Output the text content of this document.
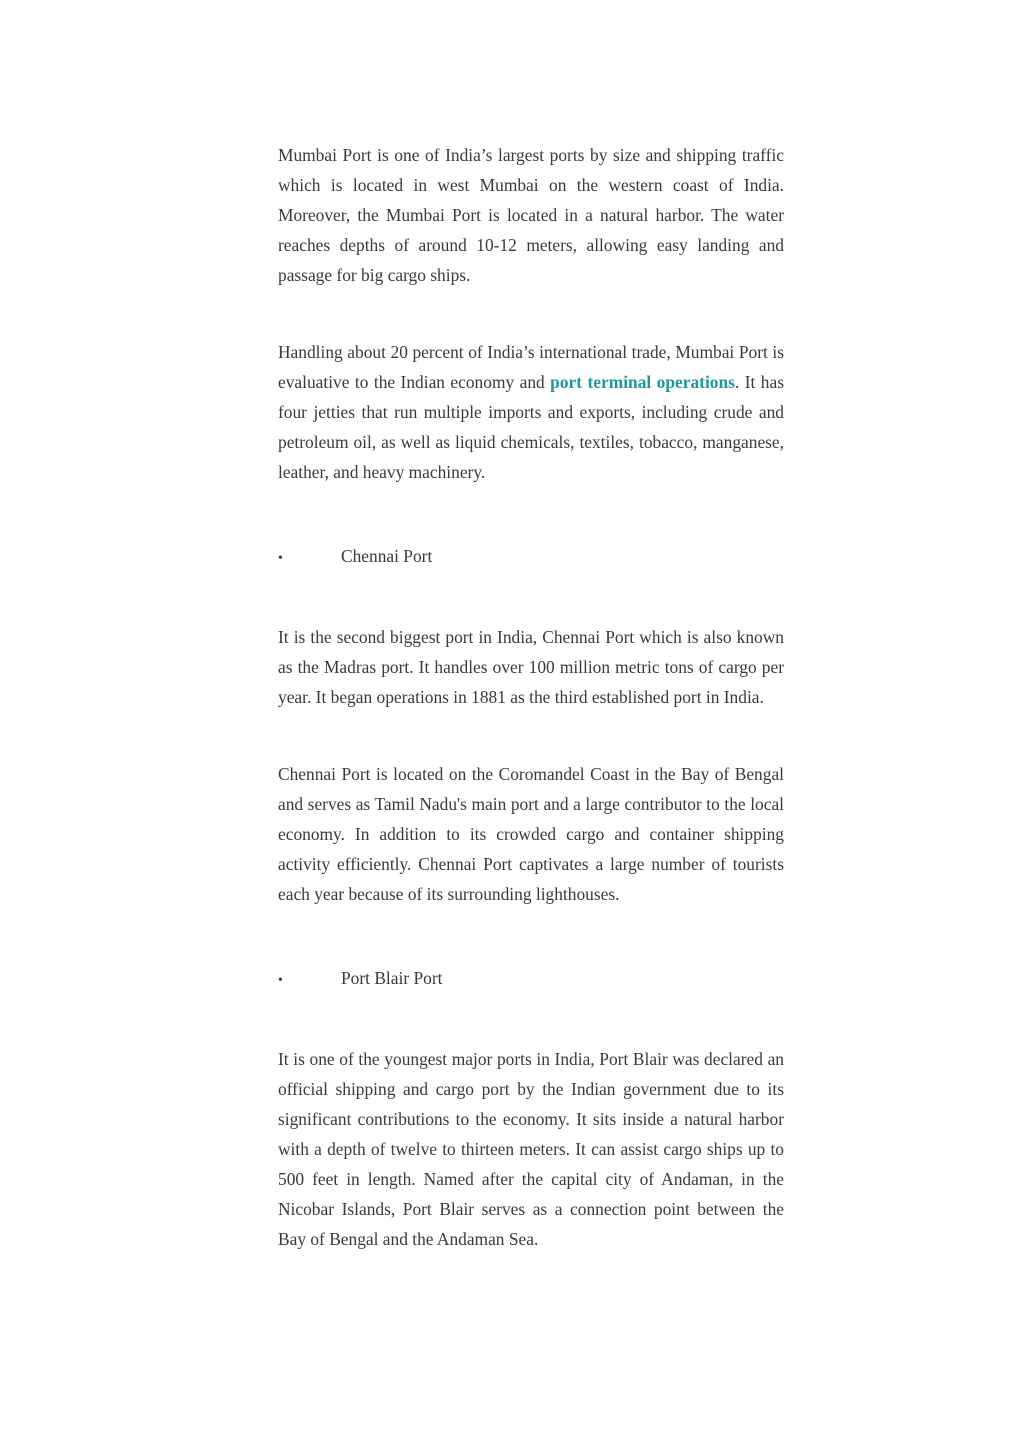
Mumbai Port is one of India’s largest ports by size and shipping traffic which is located in west Mumbai on the western coast of India. Moreover, the Mumbai Port is located in a natural harbor. The water reaches depths of around 10-12 meters, allowing easy landing and passage for big cargo ships.

Handling about 20 percent of India’s international trade, Mumbai Port is evaluative to the Indian economy and port terminal operations. It has four jetties that run multiple imports and exports, including crude and petroleum oil, as well as liquid chemicals, textiles, tobacco, manganese, leather, and heavy machinery.

•	Chennai Port

It is the second biggest port in India, Chennai Port which is also known as the Madras port. It handles over 100 million metric tons of cargo per year. It began operations in 1881 as the third established port in India.

Chennai Port is located on the Coromandel Coast in the Bay of Bengal and serves as Tamil Nadu's main port and a large contributor to the local economy. In addition to its crowded cargo and container shipping activity efficiently. Chennai Port captivates a large number of tourists each year because of its surrounding lighthouses.

•	Port Blair Port

It is one of the youngest major ports in India, Port Blair was declared an official shipping and cargo port by the Indian government due to its significant contributions to the economy. It sits inside a natural harbor with a depth of twelve to thirteen meters. It can assist cargo ships up to 500 feet in length. Named after the capital city of Andaman, in the Nicobar Islands, Port Blair serves as a connection point between the Bay of Bengal and the Andaman Sea.
